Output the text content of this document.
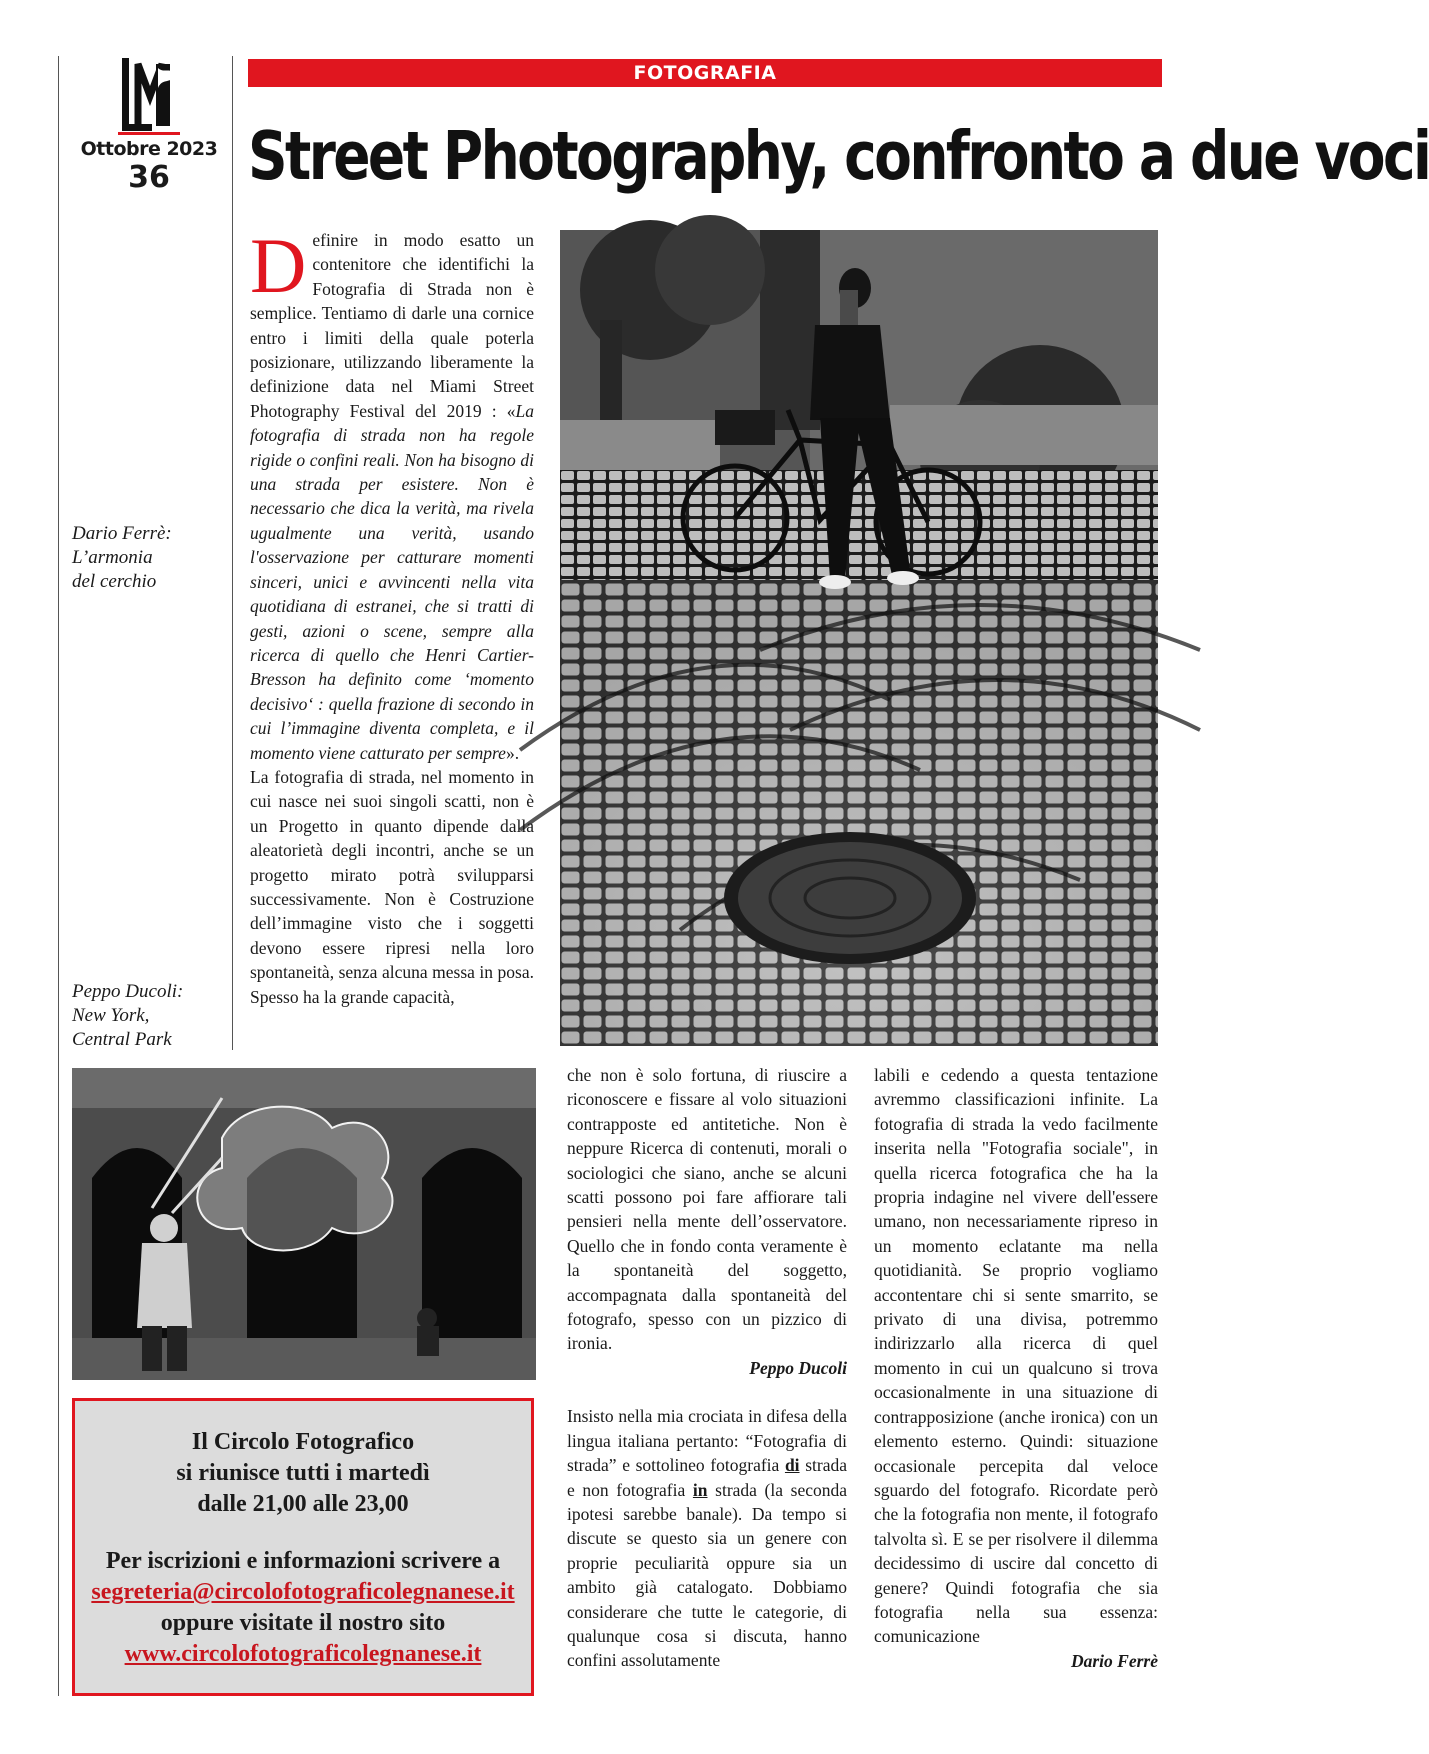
Ottobre 2023
36
FOTOGRAFIA
Street Photography, confronto a due voci
Dario Ferrè:
L’armonia
del cerchio
Peppo Ducoli:
New York,
Central Park

Definire in modo esatto un contenitore che identifichi la Fotografia di Strada non è semplice. Tentiamo di darle una cornice entro i limiti della quale poterla posizionare, utilizzando liberamente la definizione data nel Miami Street Photography Festival del 2019 : «La fotografia di strada non ha regole rigide o confini reali. Non ha bisogno di una strada per esistere. Non è necessario che dica la verità, ma rivela ugualmente una verità, usando l'osservazione per catturare momenti sinceri, unici e avvincenti nella vita quotidiana di estranei, che si tratti di gesti, azioni o scene, sempre alla ricerca di quello che Henri Cartier-Bresson ha definito come ‘momento decisivo‘ : quella frazione di secondo in cui l’immagine diventa completa, e il momento viene catturato per sempre».

La fotografia di strada, nel momento in cui nasce nei suoi singoli scatti, non è un Progetto in quanto dipende dalla aleatorietà degli incontri, anche se un progetto mirato potrà svilupparsi successivamente. Non è Costruzione dell’immagine visto che i soggetti devono essere ripresi nella loro spontaneità, senza alcuna messa in posa. Spesso ha la grande capacità,

che non è solo fortuna, di riuscire a riconoscere e fissare al volo situazioni contrapposte ed antitetiche. Non è neppure Ricerca di contenuti, morali o sociologici che siano, anche se alcuni scatti possono poi fare affiorare tali pensieri nella mente dell’osservatore. Quello che in fondo conta veramente è la spontaneità del soggetto, accompagnata dalla spontaneità del fotografo, spesso con un pizzico di ironia.

Peppo Ducoli

Insisto nella mia crociata in difesa della lingua italiana pertanto: “Fotografia di strada” e sottolineo fotografia di strada e non fotografia in strada (la seconda ipotesi sarebbe banale). Da tempo si discute se questo sia un genere con proprie peculiarità oppure sia un ambito già catalogato. Dobbiamo considerare che tutte le categorie, di qualunque cosa si discuta, hanno confini assolutamente

labili e cedendo a questa tentazione avremmo classificazioni infinite. La fotografia di strada la vedo facilmente inserita nella "Fotografia sociale", in quella ricerca fotografica che ha la propria indagine nel vivere dell'essere umano, non necessariamente ripreso in un momento eclatante ma nella quotidianità. Se proprio vogliamo accontentare chi si sente smarrito, se privato di una divisa, potremmo indirizzarlo alla ricerca di quel momento in cui un qualcuno si trova occasionalmente in una situazione di contrapposizione (anche ironica) con un elemento esterno. Quindi: situazione occasionale percepita dal veloce sguardo del fotografo. Ricordate però che la fotografia non mente, il fotografo talvolta sì. E se per risolvere il dilemma decidessimo di uscire dal concetto di genere? Quindi fotografia che sia fotografia nella sua essenza: comunicazione

Dario Ferrè

Il Circolo Fotografico
si riunisce tutti i martedì
dalle 21,00 alle 23,00
Per iscrizioni e informazioni scrivere a
segreteria@circolofotograficolegnanese.it
oppure visitate il nostro sito
www.circolofotograficolegnanese.it
